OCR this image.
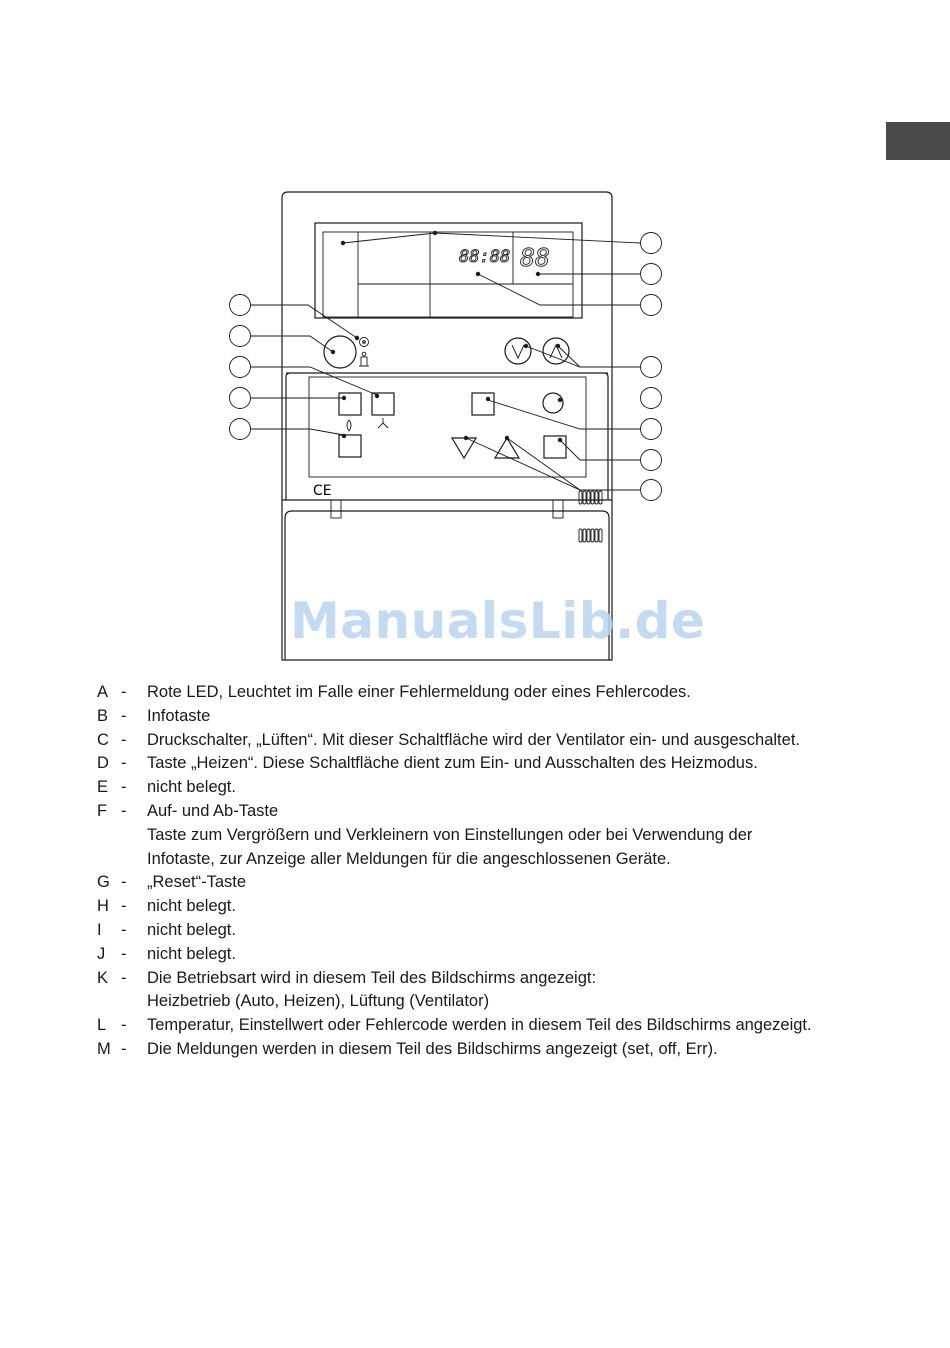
88:88 88
CE
ManualsLib.de
A -	Rote LED, Leuchtet im Falle einer Fehlermeldung oder eines Fehlercodes.
B -	Infotaste
C -	Druckschalter, „Lüften“. Mit dieser Schaltfläche wird der Ventilator ein- und ausgeschaltet.
D -	Taste „Heizen“. Diese Schaltfläche dient zum Ein- und Ausschalten des Heizmodus.
E -	nicht belegt.
F -	Auf- und Ab-Taste
Taste zum Vergrößern und Verkleinern von Einstellungen oder bei Verwendung der
Infotaste, zur Anzeige aller Meldungen für die angeschlossenen Geräte.
G -	„Reset“-Taste
H -	nicht belegt.
I	-	nicht belegt.
J -	nicht belegt.
K -	Die Betriebsart wird in diesem Teil des Bildschirms angezeigt:
Heizbetrieb (Auto, Heizen), Lüftung (Ventilator)
L -	Temperatur, Einstellwert oder Fehlercode werden in diesem Teil des Bildschirms angezeigt.
M -	Die Meldungen werden in diesem Teil des Bildschirms angezeigt (set, off, Err).
